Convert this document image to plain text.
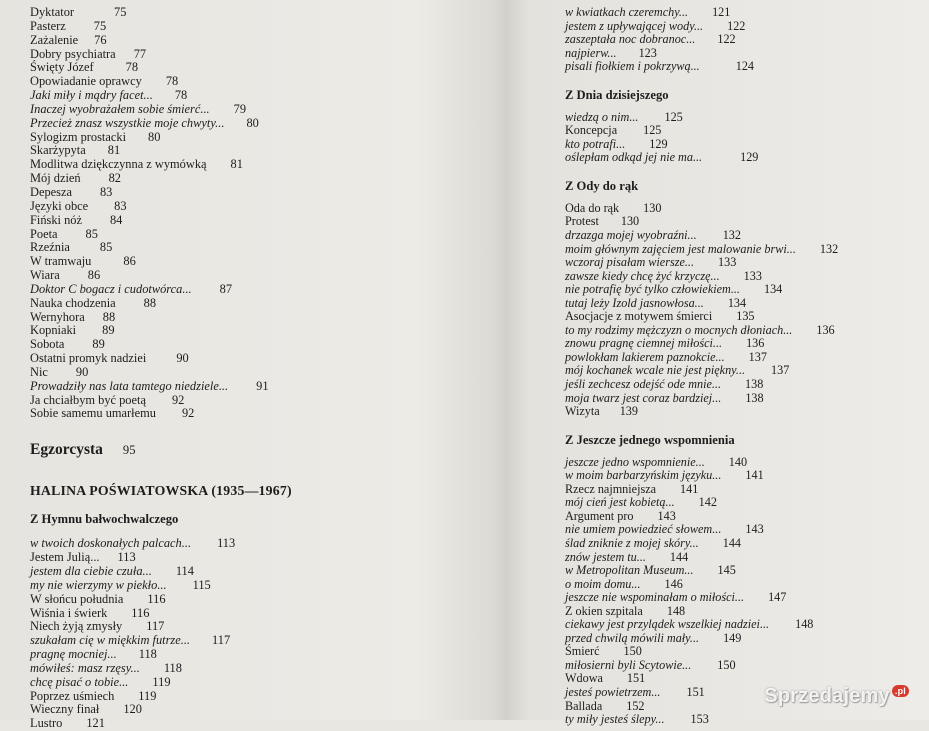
Dyktator	75
Pasterz 75
Zażalenie 76
Dobry psychiatra 77
Święty Józef	78
Opowiadanie oprawcy 78
Jaki miły i mądry facet... 78
Inaczej wyobrażałem sobie śmierć... 79
Przecież znasz wszystkie moje chwyty... 80
Sylogizm prostacki 80
Skarżypyta 81
Modlitwa dziękczynna z wymówką 81
Mój dzień 82
Depesza 83
Języki obce 83
Fiński nóż 84
Poeta 85
Rzeźnia 85
W tramwaju	86
Wiara 86
Doktor C bogacz i cudotwórca... 87
Nauka chodzenia 88
Wernyhora 88
Kopniaki 89
Sobota 89
Ostatni promyk nadziei 90
Nic 90
Prowadziły nas lata tamtego niedziele... 91
Ja chciałbym być poetą 92
Sobie samemu umarłemu 92
Egzorcysta 95
HALINA POŚWIATOWSKA (1935—1967)
Z Hymnu bałwochwalczego
w twoich doskonałych palcach... 113
Jestem Julią... 113
jestem dla ciebie czuła... 114
my nie wierzymy w piekło... 115
W słońcu południa 116
Wiśnia i świerk 116
Niech żyją zmysły 117
szukałam cię w miękkim futrze... 117
pragnę mocniej... 118
mówiłeś: masz rzęsy... 118
chcę pisać o tobie... 119
Poprzez uśmiech 119
Wieczny finał 120
Lustro 121
w kwiatkach czeremchy... 121
jestem z upływającej wody... 122
zaszeptała noc dobranoc... 122
najpierw... 123
pisali fiołkiem i pokrzywą...	124
Z Dnia dzisiejszego
wiedzą o nim... 125
Koncepcja 125
kto potrafi... 129
oślepłam odkąd jej nie ma...	129
Z Ody do rąk
Oda do rąk 130
Protest 130
drzazga mojej wyobraźni... 132
moim głównym zajęciem jest malowanie brwi... 132
wczoraj pisałam wiersze... 133
zawsze kiedy chcę żyć krzyczę... 133
nie potrafię być tylko człowiekiem... 134
tutaj leży Izold jasnowłosa... 134
Asocjacje z motywem śmierci 135
to my rodzimy mężczyzn o mocnych dłoniach... 136
znowu pragnę ciemnej miłości... 136
powlokłam lakierem paznokcie... 137
mój kochanek wcale nie jest piękny... 137
jeśli zechcesz odejść ode mnie... 138
moja twarz jest coraz bardziej... 138
Wizyta 139
Z Jeszcze jednego wspomnienia
jeszcze jedno wspomnienie... 140
w moim barbarzyńskim języku... 141
Rzecz najmniejsza 141
mój cień jest kobietą... 142
Argument pro 143
nie umiem powiedzieć słowem... 143
ślad zniknie z mojej skóry... 144
znów jestem tu... 144
w Metropolitan Museum... 145
o moim domu... 146
jeszcze nie wspominałam o miłości... 147
Z okien szpitala 148
ciekawy jest przylądek wszelkiej nadziei... 148
przed chwilą mówili mały... 149
Śmierć 150
miłosierni byli Scytowie... 150
Wdowa 151
jesteś powietrzem... 151
Ballada 152
ty miły jesteś ślepy... 153
Sprzedajemy $^{.pl}$
